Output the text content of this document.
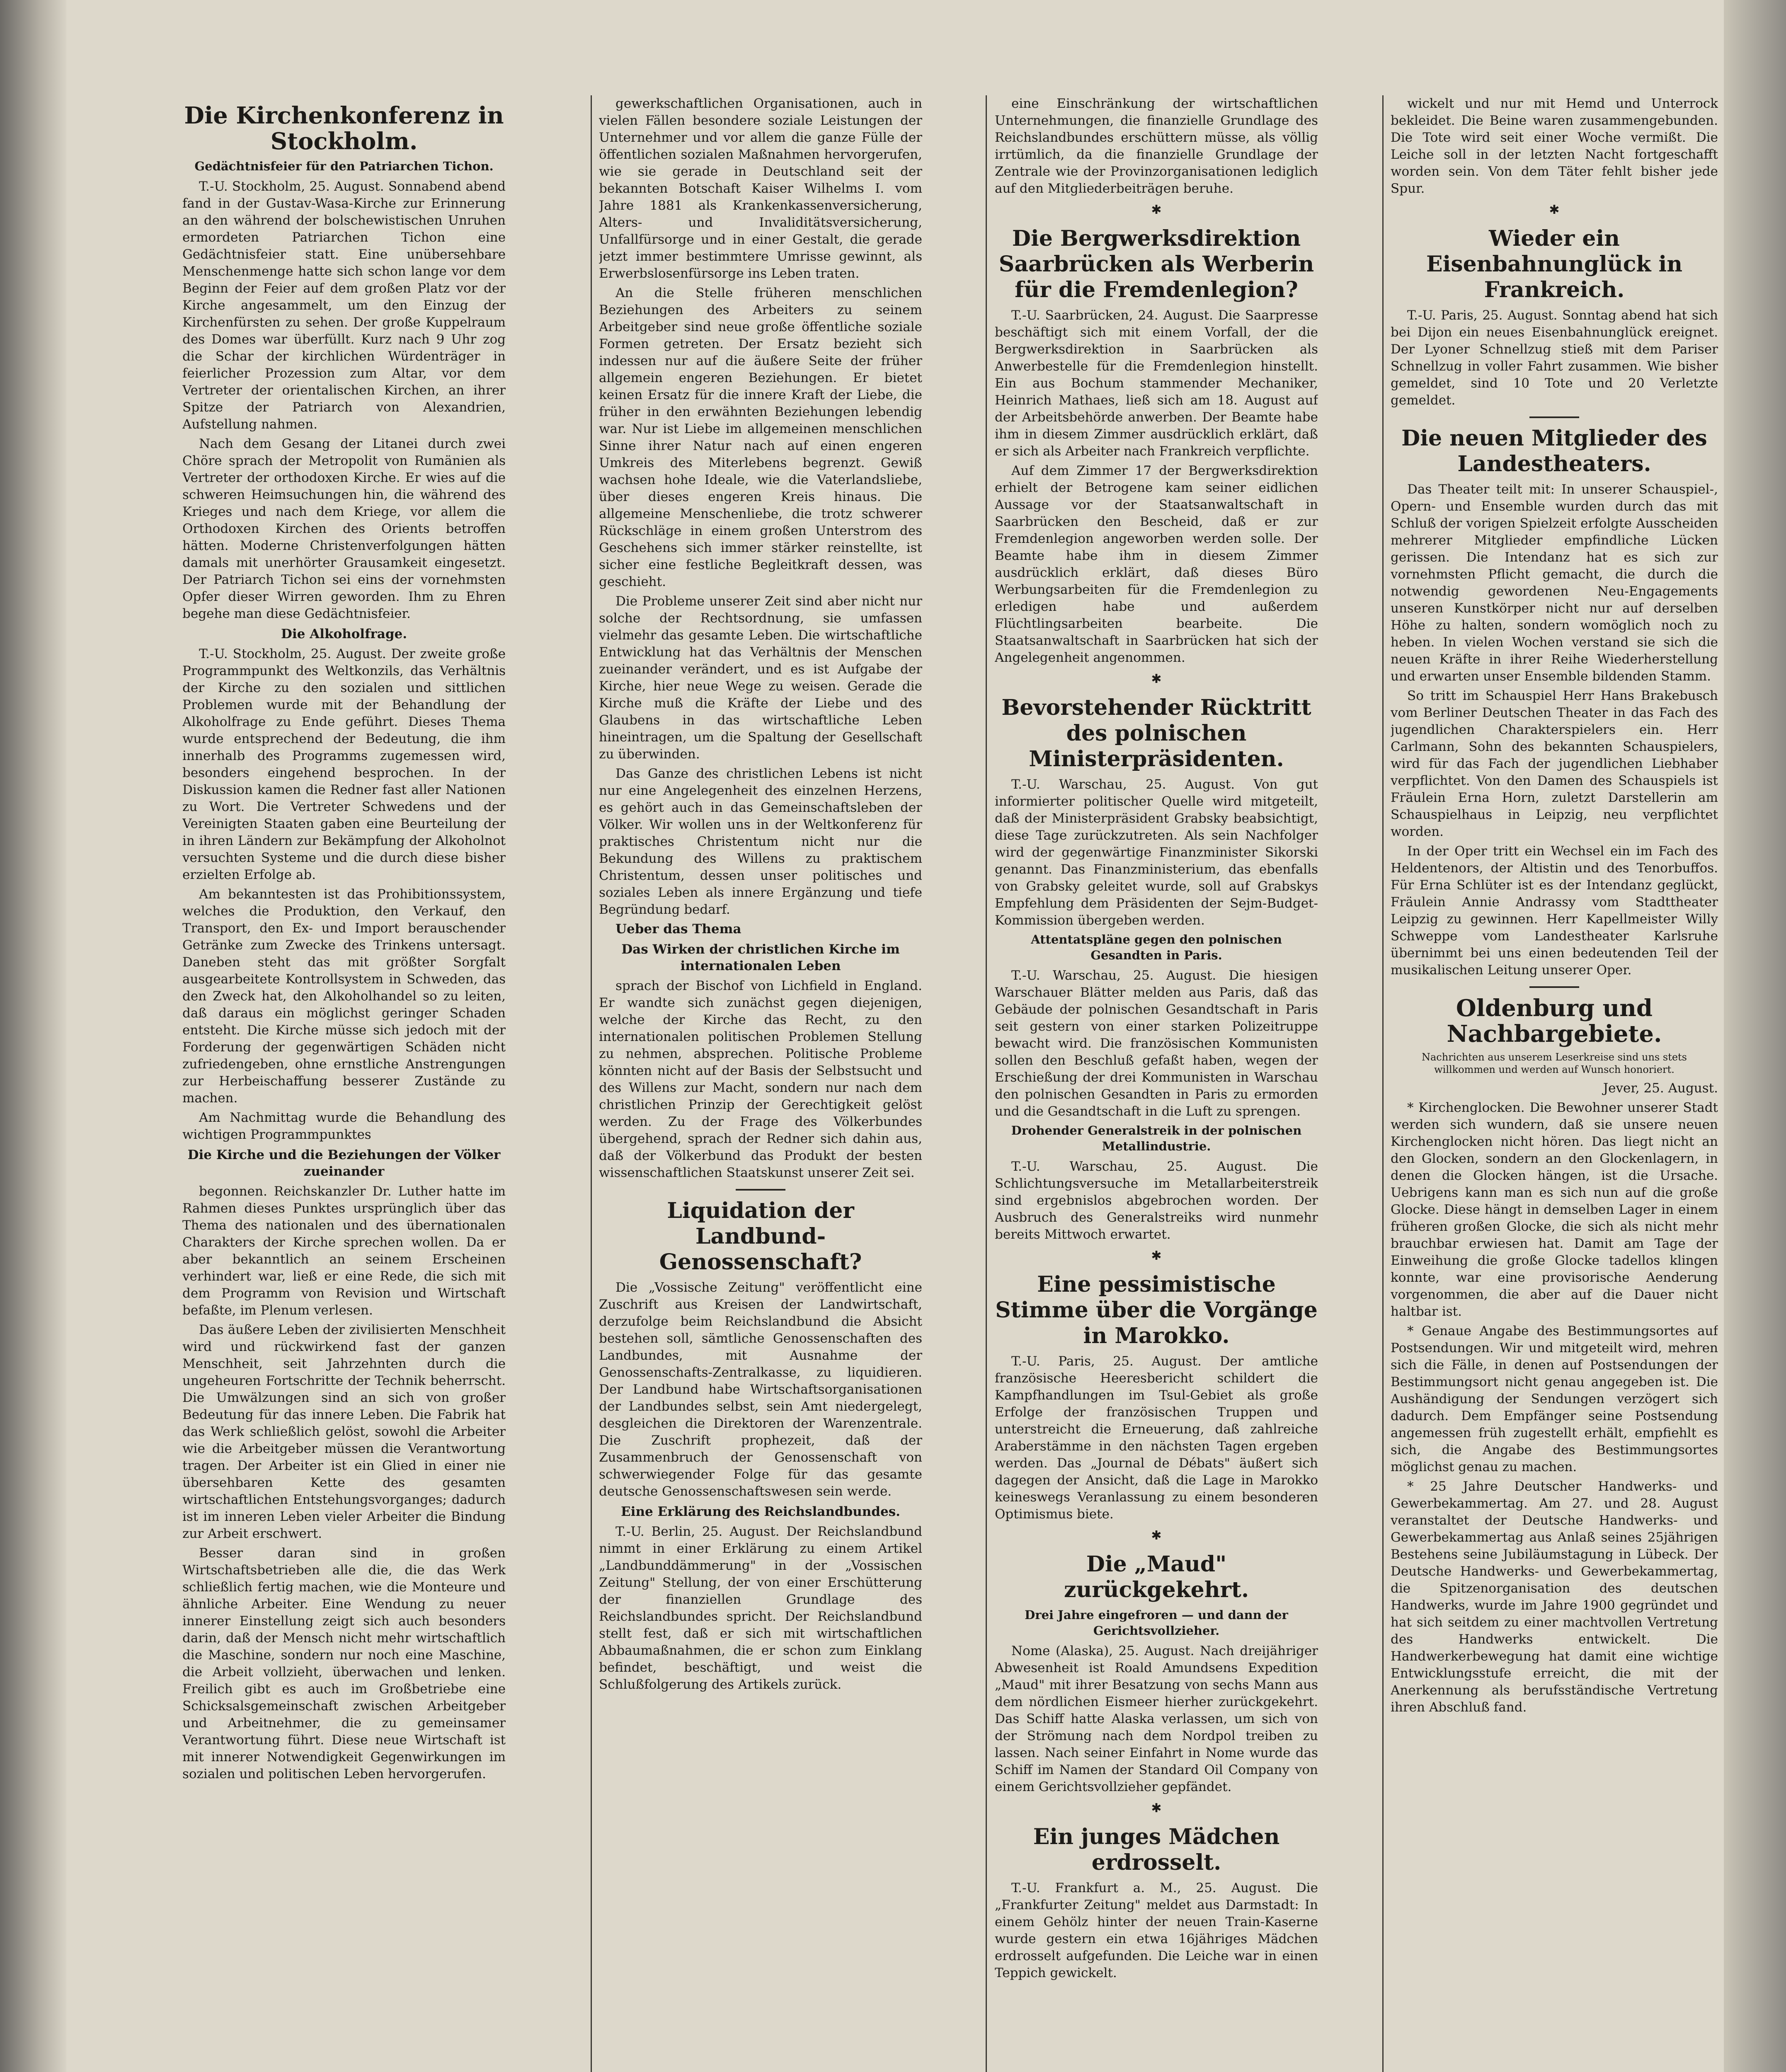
Die Kirchenkonferenz in Stockholm.
Gedächtnisfeier für den Patriarchen Tichon.

T.-U. Stockholm, 25. August. Sonnabend abend fand in der Gustav-Wasa-Kirche zur Erinnerung an den während der bolschewistischen Unruhen ermordeten Patriarchen Tichon eine Gedächtnisfeier statt. Eine unübersehbare Menschenmenge hatte sich schon lange vor dem Beginn der Feier auf dem großen Platz vor der Kirche angesammelt, um den Einzug der Kirchenfürsten zu sehen. Der große Kuppelraum des Domes war überfüllt. Kurz nach 9 Uhr zog die Schar der kirchlichen Würdenträger in feierlicher Prozession zum Altar, vor dem Vertreter der orientalischen Kirchen, an ihrer Spitze der Patriarch von Alexandrien, Aufstellung nahmen.

Nach dem Gesang der Litanei durch zwei Chöre sprach der Metropolit von Rumänien als Vertreter der orthodoxen Kirche. Er wies auf die schweren Heimsuchungen hin, die während des Krieges und nach dem Kriege, vor allem die Orthodoxen Kirchen des Orients betroffen hätten. Moderne Christenverfolgungen hätten damals mit unerhörter Grausamkeit eingesetzt. Der Patriarch Tichon sei eins der vornehmsten Opfer dieser Wirren geworden. Ihm zu Ehren begehe man diese Gedächtnisfeier.

Die Alkoholfrage.

T.-U. Stockholm, 25. August. Der zweite große Programmpunkt des Weltkonzils, das Verhältnis der Kirche zu den sozialen und sittlichen Problemen wurde mit der Behandlung der Alkoholfrage zu Ende geführt. Dieses Thema wurde entsprechend der Bedeutung, die ihm innerhalb des Programms zugemessen wird, besonders eingehend besprochen. In der Diskussion kamen die Redner fast aller Nationen zu Wort. Die Vertreter Schwedens und der Vereinigten Staaten gaben eine Beurteilung der in ihren Ländern zur Bekämpfung der Alkoholnot versuchten Systeme und die durch diese bisher erzielten Erfolge ab.

Am bekanntesten ist das Prohibitionssystem, welches die Produktion, den Verkauf, den Transport, den Ex- und Import berauschender Getränke zum Zwecke des Trinkens untersagt. Daneben steht das mit größter Sorgfalt ausgearbeitete Kontrollsystem in Schweden, das den Zweck hat, den Alkoholhandel so zu leiten, daß daraus ein möglichst geringer Schaden entsteht. Die Kirche müsse sich jedoch mit der Forderung der gegenwärtigen Schäden nicht zufriedengeben, ohne ernstliche Anstrengungen zur Herbeischaffung besserer Zustände zu machen.

Am Nachmittag wurde die Behandlung des wichtigen Programmpunktes

Die Kirche und die Beziehungen der Völker zueinander

begonnen. Reichskanzler Dr. Luther hatte im Rahmen dieses Punktes ursprünglich über das Thema des nationalen und des übernationalen Charakters der Kirche sprechen wollen. Da er aber bekanntlich an seinem Erscheinen verhindert war, ließ er eine Rede, die sich mit dem Programm von Revision und Wirtschaft befaßte, im Plenum verlesen.

Das äußere Leben der zivilisierten Menschheit wird und rückwirkend fast der ganzen Menschheit, seit Jahrzehnten durch die ungeheuren Fortschritte der Technik beherrscht. Die Umwälzungen sind an sich von großer Bedeutung für das innere Leben. Die Fabrik hat das Werk schließlich gelöst, sowohl die Arbeiter wie die Arbeitgeber müssen die Verantwortung tragen. Der Arbeiter ist ein Glied in einer nie übersehbaren Kette des gesamten wirtschaftlichen Entstehungsvorganges; dadurch ist im inneren Leben vieler Arbeiter die Bindung zur Arbeit erschwert.

Besser daran sind in großen Wirtschaftsbetrieben alle die, die das Werk schließlich fertig machen, wie die Monteure und ähnliche Arbeiter. Eine Wendung zu neuer innerer Einstellung zeigt sich auch besonders darin, daß der Mensch nicht mehr wirtschaftlich die Maschine, sondern nur noch eine Maschine, die Arbeit vollzieht, überwachen und lenken. Freilich gibt es auch im Großbetriebe eine Schicksalsgemeinschaft zwischen Arbeitgeber und Arbeitnehmer, die zu gemeinsamer Verantwortung führt. Diese neue Wirtschaft ist mit innerer Notwendigkeit Gegenwirkungen im sozialen und politischen Leben hervorgerufen.

gewerkschaftlichen Organisationen, auch in vielen Fällen besondere soziale Leistungen der Unternehmer und vor allem die ganze Fülle der öffentlichen sozialen Maßnahmen hervorgerufen, wie sie gerade in Deutschland seit der bekannten Botschaft Kaiser Wilhelms I. vom Jahre 1881 als Krankenkassenversicherung, Alters- und Invaliditätsversicherung, Unfallfürsorge und in einer Gestalt, die gerade jetzt immer bestimmtere Umrisse gewinnt, als Erwerbslosenfürsorge ins Leben traten.

An die Stelle früheren menschlichen Beziehungen des Arbeiters zu seinem Arbeitgeber sind neue große öffentliche soziale Formen getreten. Der Ersatz bezieht sich indessen nur auf die äußere Seite der früher allgemein engeren Beziehungen. Er bietet keinen Ersatz für die innere Kraft der Liebe, die früher in den erwähnten Beziehungen lebendig war. Nur ist Liebe im allgemeinen menschlichen Sinne ihrer Natur nach auf einen engeren Umkreis des Miterlebens begrenzt. Gewiß wachsen hohe Ideale, wie die Vaterlandsliebe, über dieses engeren Kreis hinaus. Die allgemeine Menschenliebe, die trotz schwerer Rückschläge in einem großen Unterstrom des Geschehens sich immer stärker reinstellte, ist sicher eine festliche Begleitkraft dessen, was geschieht.

Die Probleme unserer Zeit sind aber nicht nur solche der Rechtsordnung, sie umfassen vielmehr das gesamte Leben. Die wirtschaftliche Entwicklung hat das Verhältnis der Menschen zueinander verändert, und es ist Aufgabe der Kirche, hier neue Wege zu weisen. Gerade die Kirche muß die Kräfte der Liebe und des Glaubens in das wirtschaftliche Leben hineintragen, um die Spaltung der Gesellschaft zu überwinden.

Das Ganze des christlichen Lebens ist nicht nur eine Angelegenheit des einzelnen Herzens, es gehört auch in das Gemeinschaftsleben der Völker. Wir wollen uns in der Weltkonferenz für praktisches Christentum nicht nur die Bekundung des Willens zu praktischem Christentum, dessen unser politisches und soziales Leben als innere Ergänzung und tiefe Begründung bedarf.

Ueber das Thema

Das Wirken der christlichen Kirche im internationalen Leben

sprach der Bischof von Lichfield in England. Er wandte sich zunächst gegen diejenigen, welche der Kirche das Recht, zu den internationalen politischen Problemen Stellung zu nehmen, absprechen. Politische Probleme könnten nicht auf der Basis der Selbstsucht und des Willens zur Macht, sondern nur nach dem christlichen Prinzip der Gerechtigkeit gelöst werden. Zu der Frage des Völkerbundes übergehend, sprach der Redner sich dahin aus, daß der Völkerbund das Produkt der besten wissenschaftlichen Staatskunst unserer Zeit sei.

Liquidation der Landbund-Genossenschaft?

Die „Vossische Zeitung" veröffentlicht eine Zuschrift aus Kreisen der Landwirtschaft, derzufolge beim Reichslandbund die Absicht bestehen soll, sämtliche Genossenschaften des Landbundes, mit Ausnahme der Genossenschafts-Zentralkasse, zu liquidieren. Der Landbund habe Wirtschaftsorganisationen der Landbundes selbst, sein Amt niedergelegt, desgleichen die Direktoren der Warenzentrale. Die Zuschrift prophezeit, daß der Zusammenbruch der Genossenschaft von schwerwiegender Folge für das gesamte deutsche Genossenschaftswesen sein werde.

Eine Erklärung des Reichslandbundes.

T.-U. Berlin, 25. August. Der Reichslandbund nimmt in einer Erklärung zu einem Artikel „Landbunddämmerung" in der „Vossischen Zeitung" Stellung, der von einer Erschütterung der finanziellen Grundlage des Reichslandbundes spricht. Der Reichslandbund stellt fest, daß er sich mit wirtschaftlichen Abbaumaßnahmen, die er schon zum Einklang befindet, beschäftigt, und weist die Schlußfolgerung des Artikels zurück.

eine Einschränkung der wirtschaftlichen Unternehmungen, die finanzielle Grundlage des Reichslandbundes erschüttern müsse, als völlig irrtümlich, da die finanzielle Grundlage der Zentrale wie der Provinzorganisationen lediglich auf den Mitgliederbeiträgen beruhe.

✱
Die Bergwerksdirektion Saarbrücken als Werberin für die Fremdenlegion?

T.-U. Saarbrücken, 24. August. Die Saarpresse beschäftigt sich mit einem Vorfall, der die Bergwerksdirektion in Saarbrücken als Anwerbestelle für die Fremdenlegion hinstellt. Ein aus Bochum stammender Mechaniker, Heinrich Mathaes, ließ sich am 18. August auf der Arbeitsbehörde anwerben. Der Beamte habe ihm in diesem Zimmer ausdrücklich erklärt, daß er sich als Arbeiter nach Frankreich verpflichte.

Auf dem Zimmer 17 der Bergwerksdirektion erhielt der Betrogene kam seiner eidlichen Aussage vor der Staatsanwaltschaft in Saarbrücken den Bescheid, daß er zur Fremdenlegion angeworben werden solle. Der Beamte habe ihm in diesem Zimmer ausdrücklich erklärt, daß dieses Büro Werbungsarbeiten für die Fremdenlegion zu erledigen habe und außerdem Flüchtlingsarbeiten bearbeite. Die Staatsanwaltschaft in Saarbrücken hat sich der Angelegenheit angenommen.

✱
Bevorstehender Rücktritt des polnischen Ministerpräsidenten.

T.-U. Warschau, 25. August. Von gut informierter politischer Quelle wird mitgeteilt, daß der Ministerpräsident Grabsky beabsichtigt, diese Tage zurückzutreten. Als sein Nachfolger wird der gegenwärtige Finanzminister Sikorski genannt. Das Finanzministerium, das ebenfalls von Grabsky geleitet wurde, soll auf Grabskys Empfehlung dem Präsidenten der Sejm-Budget-Kommission übergeben werden.

Attentatspläne gegen den polnischen Gesandten in Paris.

T.-U. Warschau, 25. August. Die hiesigen Warschauer Blätter melden aus Paris, daß das Gebäude der polnischen Gesandtschaft in Paris seit gestern von einer starken Polizeitruppe bewacht wird. Die französischen Kommunisten sollen den Beschluß gefaßt haben, wegen der Erschießung der drei Kommunisten in Warschau den polnischen Gesandten in Paris zu ermorden und die Gesandtschaft in die Luft zu sprengen.

Drohender Generalstreik in der polnischen Metallindustrie.

T.-U. Warschau, 25. August. Die Schlichtungsversuche im Metallarbeiterstreik sind ergebnislos abgebrochen worden. Der Ausbruch des Generalstreiks wird nunmehr bereits Mittwoch erwartet.

✱
Eine pessimistische Stimme über die Vorgänge in Marokko.

T.-U. Paris, 25. August. Der amtliche französische Heeresbericht schildert die Kampfhandlungen im Tsul-Gebiet als große Erfolge der französischen Truppen und unterstreicht die Erneuerung, daß zahlreiche Araberstämme in den nächsten Tagen ergeben werden. Das „Journal de Débats" äußert sich dagegen der Ansicht, daß die Lage in Marokko keineswegs Veranlassung zu einem besonderen Optimismus biete.

✱
Die „Maud" zurückgekehrt.
Drei Jahre eingefroren — und dann der Gerichtsvollzieher.

Nome (Alaska), 25. August. Nach dreijähriger Abwesenheit ist Roald Amundsens Expedition „Maud" mit ihrer Besatzung von sechs Mann aus dem nördlichen Eismeer hierher zurückgekehrt. Das Schiff hatte Alaska verlassen, um sich von der Strömung nach dem Nordpol treiben zu lassen. Nach seiner Einfahrt in Nome wurde das Schiff im Namen der Standard Oil Company von einem Gerichtsvollzieher gepfändet.

✱
Ein junges Mädchen erdrosselt.

T.-U. Frankfurt a. M., 25. August. Die „Frankfurter Zeitung" meldet aus Darmstadt: In einem Gehölz hinter der neuen Train-Kaserne wurde gestern ein etwa 16jähriges Mädchen erdrosselt aufgefunden. Die Leiche war in einen Teppich gewickelt.

wickelt und nur mit Hemd und Unterrock bekleidet. Die Beine waren zusammengebunden. Die Tote wird seit einer Woche vermißt. Die Leiche soll in der letzten Nacht fortgeschafft worden sein. Von dem Täter fehlt bisher jede Spur.

✱
Wieder ein Eisenbahnunglück in Frankreich.

T.-U. Paris, 25. August. Sonntag abend hat sich bei Dijon ein neues Eisenbahnunglück ereignet. Der Lyoner Schnellzug stieß mit dem Pariser Schnellzug in voller Fahrt zusammen. Wie bisher gemeldet, sind 10 Tote und 20 Verletzte gemeldet.

Die neuen Mitglieder des Landestheaters.

Das Theater teilt mit: In unserer Schauspiel-, Opern- und Ensemble wurden durch das mit Schluß der vorigen Spielzeit erfolgte Ausscheiden mehrerer Mitglieder empfindliche Lücken gerissen. Die Intendanz hat es sich zur vornehmsten Pflicht gemacht, die durch die notwendig gewordenen Neu-Engagements unseren Kunstkörper nicht nur auf derselben Höhe zu halten, sondern womöglich noch zu heben. In vielen Wochen verstand sie sich die neuen Kräfte in ihrer Reihe Wiederherstellung und erwarten unser Ensemble bildenden Stamm.

So tritt im Schauspiel Herr Hans Brakebusch vom Berliner Deutschen Theater in das Fach des jugendlichen Charakterspielers ein. Herr Carlmann, Sohn des bekannten Schauspielers, wird für das Fach der jugendlichen Liebhaber verpflichtet. Von den Damen des Schauspiels ist Fräulein Erna Horn, zuletzt Darstellerin am Schauspielhaus in Leipzig, neu verpflichtet worden.

In der Oper tritt ein Wechsel ein im Fach des Heldentenors, der Altistin und des Tenorbuffos. Für Erna Schlüter ist es der Intendanz geglückt, Fräulein Annie Andrassy vom Stadttheater Leipzig zu gewinnen. Herr Kapellmeister Willy Schweppe vom Landestheater Karlsruhe übernimmt bei uns einen bedeutenden Teil der musikalischen Leitung unserer Oper.

Oldenburg und Nachbargebiete.
Nachrichten aus unserem Leserkreise sind uns stets willkommen und werden auf Wunsch honoriert.

Jever, 25. August.

* Kirchenglocken. Die Bewohner unserer Stadt werden sich wundern, daß sie unsere neuen Kirchenglocken nicht hören. Das liegt nicht an den Glocken, sondern an den Glockenlagern, in denen die Glocken hängen, ist die Ursache. Uebrigens kann man es sich nun auf die große Glocke. Diese hängt in demselben Lager in einem früheren großen Glocke, die sich als nicht mehr brauchbar erwiesen hat. Damit am Tage der Einweihung die große Glocke tadellos klingen konnte, war eine provisorische Aenderung vorgenommen, die aber auf die Dauer nicht haltbar ist.

* Genaue Angabe des Bestimmungsortes auf Postsendungen. Wir und mitgeteilt wird, mehren sich die Fälle, in denen auf Postsendungen der Bestimmungsort nicht genau angegeben ist. Die Aushändigung der Sendungen verzögert sich dadurch. Dem Empfänger seine Postsendung angemessen früh zugestellt erhält, empfiehlt es sich, die Angabe des Bestimmungsortes möglichst genau zu machen.

* 25 Jahre Deutscher Handwerks- und Gewerbekammertag. Am 27. und 28. August veranstaltet der Deutsche Handwerks- und Gewerbekammertag aus Anlaß seines 25jährigen Bestehens seine Jubiläumstagung in Lübeck. Der Deutsche Handwerks- und Gewerbekammertag, die Spitzenorganisation des deutschen Handwerks, wurde im Jahre 1900 gegründet und hat sich seitdem zu einer machtvollen Vertretung des Handwerks entwickelt. Die Handwerkerbewegung hat damit eine wichtige Entwicklungsstufe erreicht, die mit der Anerkennung als berufsständische Vertretung ihren Abschluß fand.
